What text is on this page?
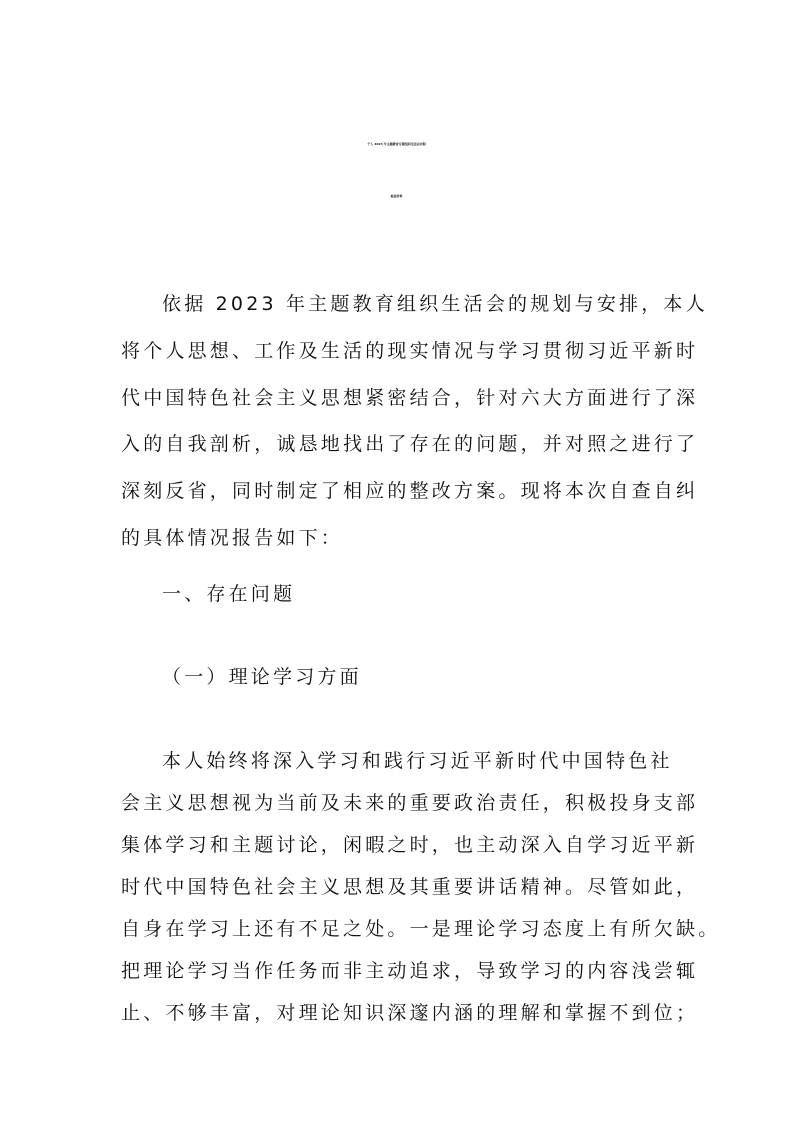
个人 2023 年主题教育专题组织生活会对照
检查材料
依据 2023 年主题教育组织生活会的规划与安排，本人
将个人思想、工作及生活的现实情况与学习贯彻习近平新时
代中国特色社会主义思想紧密结合，针对六大方面进行了深
入的自我剖析，诚恳地找出了存在的问题，并对照之进行了
深刻反省，同时制定了相应的整改方案。现将本次自查自纠
的具体情况报告如下：
一、存在问题
（一）理论学习方面
本人始终将深入学习和践行习近平新时代中国特色社
会主义思想视为当前及未来的重要政治责任，积极投身支部
集体学习和主题讨论，闲暇之时，也主动深入自学习近平新
时代中国特色社会主义思想及其重要讲话精神。尽管如此，
自身在学习上还有不足之处。一是理论学习态度上有所欠缺。
把理论学习当作任务而非主动追求，导致学习的内容浅尝辄
止、不够丰富，对理论知识深邃内涵的理解和掌握不到位；
